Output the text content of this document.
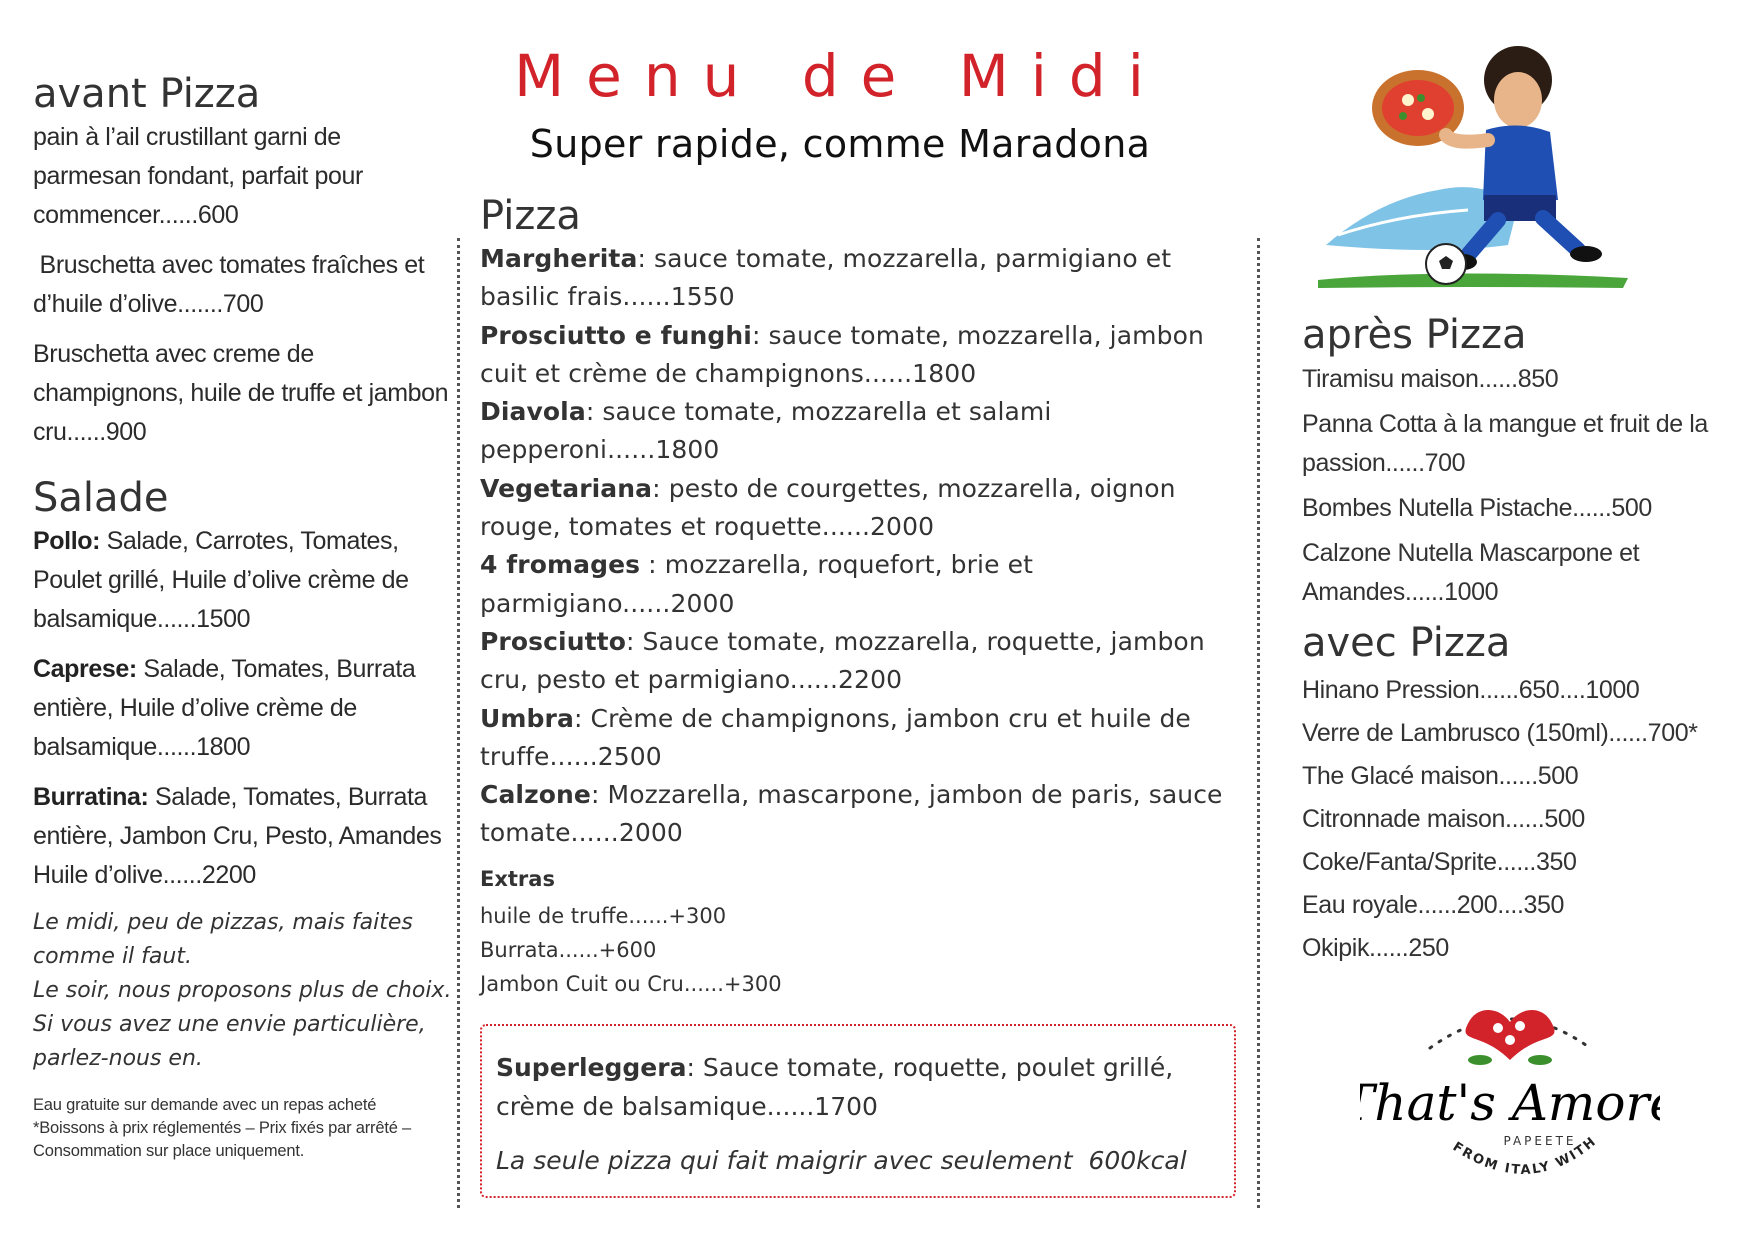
avant Pizza

pain à l’ail crustillant garni de parmesan fondant, parfait pour commencer......600

Bruschetta avec tomates fraîches et d’huile d’olive.......700

Bruschetta avec creme de champignons, huile de truffe et jambon cru......900

Salade

Pollo: Salade, Carrotes, Tomates, Poulet grillé, Huile d’olive crème de balsamique......1500

Caprese: Salade, Tomates, Burrata entière, Huile d’olive crème de balsamique......1800

Burratina: Salade, Tomates, Burrata entière, Jambon Cru, Pesto, Amandes Huile d’olive......2200

Le midi, peu de pizzas, mais faites comme il faut.
Le soir, nous proposons plus de choix.
Si vous avez une envie particulière, parlez-nous en.
Eau gratuite sur demande avec un repas acheté
*Boissons à prix réglementés – Prix fixés par arrêté – Consommation sur place uniquement.
Menu de Midi
Super rapide, comme Maradona
Pizza

Margherita: sauce tomate, mozzarella, parmigiano et basilic frais......1550

Prosciutto e funghi: sauce tomate, mozzarella, jambon cuit et crème de champignons......1800

Diavola: sauce tomate, mozzarella et salami pepperoni......1800

Vegetariana: pesto de courgettes, mozzarella, oignon rouge, tomates et roquette......2000

4 fromages : mozzarella, roquefort, brie et parmigiano......2000

Prosciutto: Sauce tomate, mozzarella, roquette, jambon cru, pesto et parmigiano......2200

Umbra: Crème de champignons, jambon cru et huile de truffe......2500

Calzone: Mozzarella, mascarpone, jambon de paris, sauce tomate......2000

Extras
huile de truffe......+300
Burrata......+600
Jambon Cuit ou Cru......+300

Superleggera: Sauce tomate, roquette, poulet grillé, crème de balsamique......1700

La seule pizza qui fait maigrir avec seulement  600kcal
après Pizza

Tiramisu maison......850

Panna Cotta à la mangue et fruit de la passion......700

Bombes Nutella Pistache......500

Calzone Nutella Mascarpone et Amandes......1000

avec Pizza

Hinano Pression......650....1000

Verre de Lambrusco (150ml)......700*

The Glacé maison......500

Citronnade maison......500

Coke/Fanta/Sprite......350

Eau royale......200....350

Okipik......250

hat's Amor
PAPEETE
FROM ITALY WITH
